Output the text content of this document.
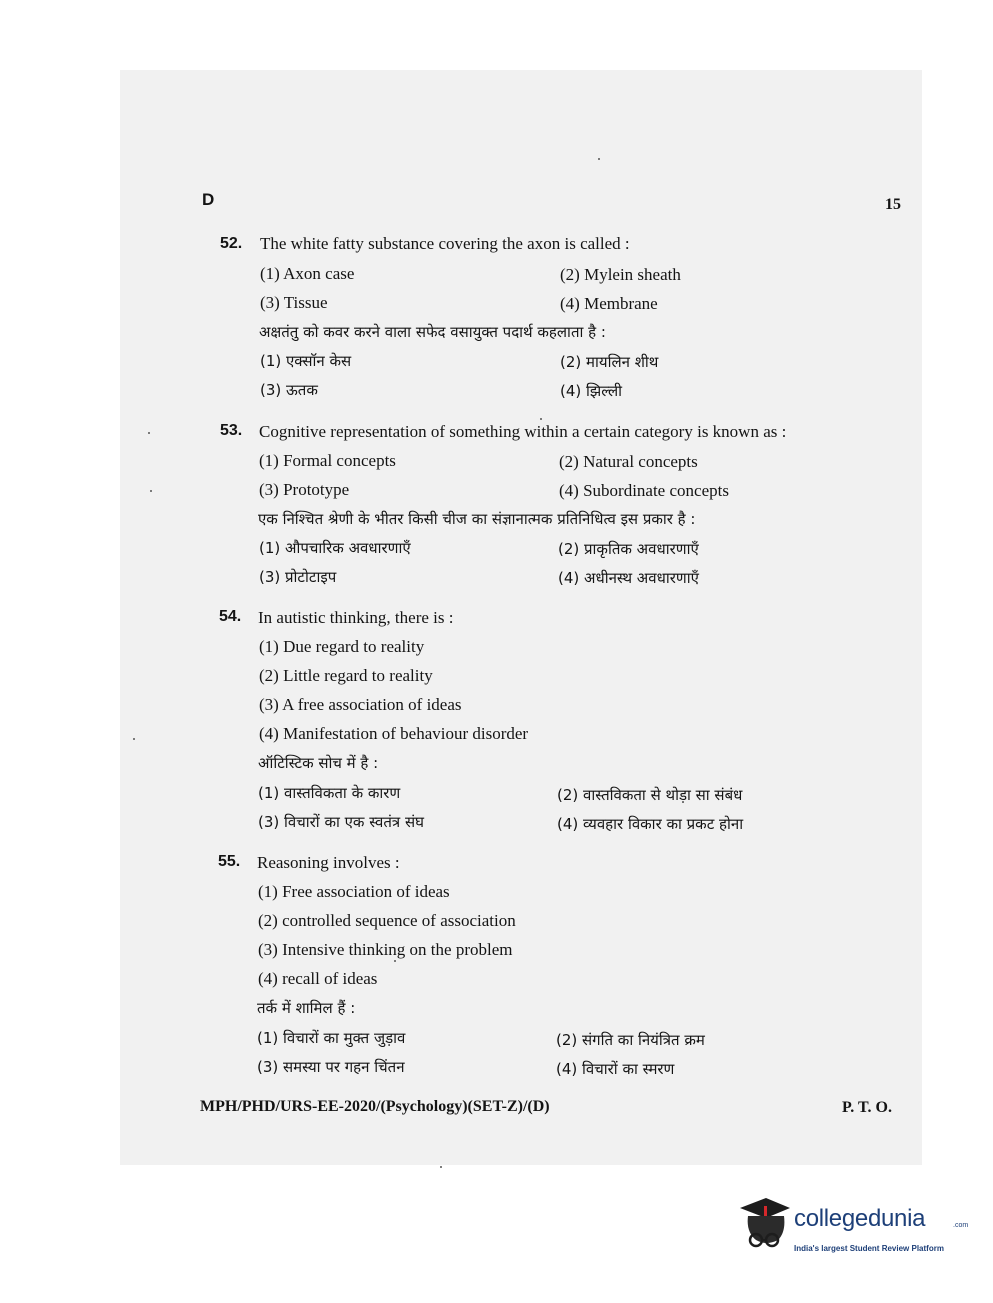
D	15
52. The white fatty substance covering the axon is called :
(1) Axon case	(2) Mylein sheath
(3) Tissue	(4) Membrane
अक्षतंतु को कवर करने वाला सफेद वसायुक्त पदार्थ कहलाता है :
(1) एक्सॉन केस	(2) मायलिन शीथ
(3) ऊतक	(4) झिल्ली
53. Cognitive representation of something within a certain category is known as :
(1) Formal concepts	(2) Natural concepts
(3) Prototype	(4) Subordinate concepts
एक निश्चित श्रेणी के भीतर किसी चीज का संज्ञानात्मक प्रतिनिधित्व इस प्रकार है :
(1) औपचारिक अवधारणाएँ	(2) प्राकृतिक अवधारणाएँ
(3) प्रोटोटाइप	(4) अधीनस्थ अवधारणाएँ
54. In autistic thinking, there is :
(1) Due regard to reality
(2) Little regard to reality
(3) A free association of ideas
(4) Manifestation of behaviour disorder
ऑटिस्टिक सोच में है :
(1) वास्तविकता के कारण	(2) वास्तविकता से थोड़ा सा संबंध
(3) विचारों का एक स्वतंत्र संघ	(4) व्यवहार विकार का प्रकट होना
55. Reasoning involves :
(1) Free association of ideas
(2) controlled sequence of association
(3) Intensive thinking on the problem
(4) recall of ideas
तर्क में शामिल हैं :
(1) विचारों का मुक्त जुड़ाव	(2) संगति का नियंत्रित क्रम
(3) समस्या पर गहन चिंतन	(4) विचारों का स्मरण
MPH/PHD/URS-EE-2020/(Psychology)(SET-Z)/(D)	P. T. O.
collegedunia	.com
India's largest Student Review Platform
